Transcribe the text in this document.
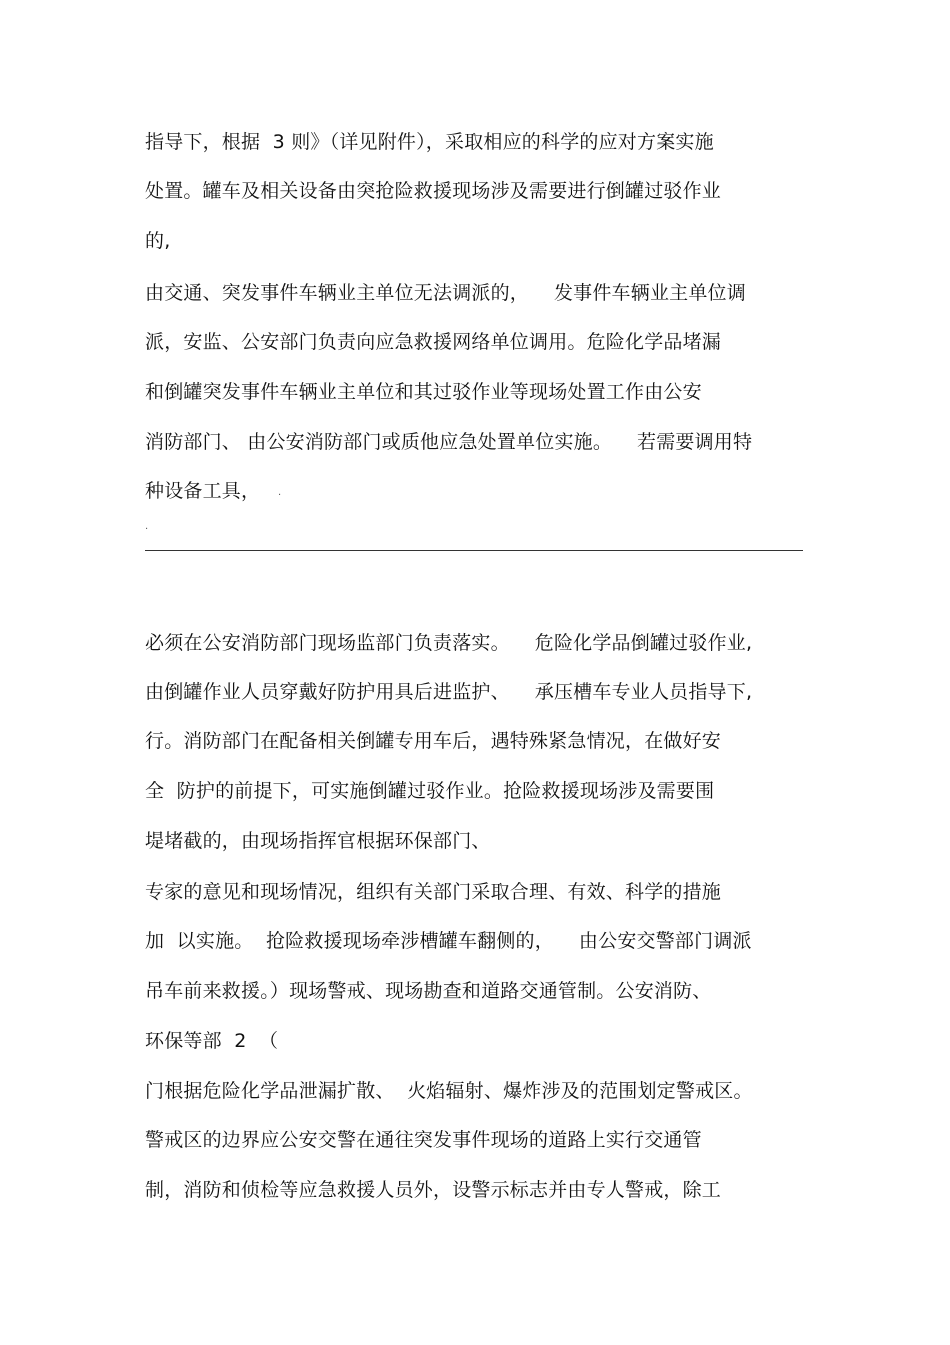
指导下，根据  3 则》（详见附件），采取相应的科学的应对方案实施
处置。罐车及相关设备由突抢险救援现场涉及需要进行倒罐过驳作业
的,
由交通、突发事件车辆业主单位无法调派的，    发事件车辆业主单位调
派，安监、公安部门负责向应急救援网络单位调用。危险化学品堵漏
和倒罐突发事件车辆业主单位和其过驳作业等现场处置工作由公安
消防部门、 由公安消防部门或质他应急处置单位实施。    若需要调用特
种设备工具， .
.
必须在公安消防部门现场监部门负责落实。    危险化学品倒罐过驳作业,
由倒罐作业人员穿戴好防护用具后进监护、    承压槽车专业人员指导下,
行。消防部门在配备相关倒罐专用车后，遇特殊紧急情况，在做好安
全  防护的前提下，可实施倒罐过驳作业。抢险救援现场涉及需要围
堤堵截的，由现场指挥官根据环保部门、
专家的意见和现场情况，组织有关部门采取合理、有效、科学的措施
加  以实施。  抢险救援现场牵涉槽罐车翻侧的，    由公安交警部门调派
吊车前来救援。）现场警戒、现场勘查和道路交通管制。公安消防、
环保等部  2  （
门根据危险化学品泄漏扩散、  火焰辐射、爆炸涉及的范围划定警戒区。
警戒区的边界应公安交警在通往突发事件现场的道路上实行交通管
制，消防和侦检等应急救援人员外，设警示标志并由专人警戒，除工
